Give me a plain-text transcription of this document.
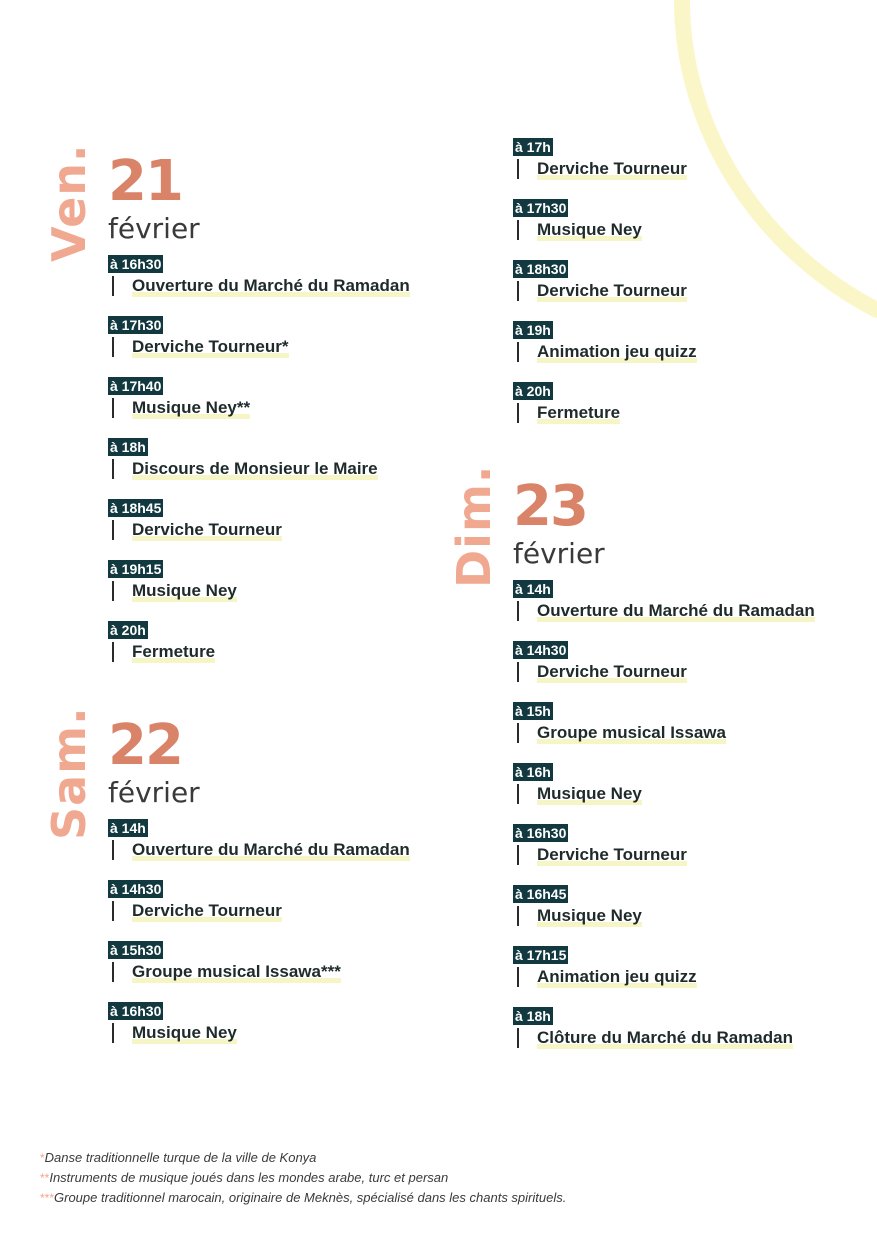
Ven. 21
février
à 16h30
Ouverture du Marché du Ramadan
à 17h30
Derviche Tourneur*
à 17h40
Musique Ney**
à 18h
Discours de Monsieur le Maire
à 18h45
Derviche Tourneur
à 19h15
Musique Ney
à 20h
Fermeture
Sam. 22
février
à 14h
Ouverture du Marché du Ramadan
à 14h30
Derviche Tourneur
à 15h30
Groupe musical Issawa***
à 16h30
Musique Ney
à 17h
Derviche Tourneur
à 17h30
Musique Ney
à 18h30
Derviche Tourneur
à 19h
Animation jeu quizz
à 20h
Fermeture
Dim. 23
février
à 14h
Ouverture du Marché du Ramadan
à 14h30
Derviche Tourneur
à 15h
Groupe musical Issawa
à 16h
Musique Ney
à 16h30
Derviche Tourneur
à 16h45
Musique Ney
à 17h15
Animation jeu quizz
à 18h
Clôture du Marché du Ramadan
*Danse traditionnelle turque de la ville de Konya
**Instruments de musique joués dans les mondes arabe, turc et persan
***Groupe traditionnel marocain, originaire de Meknès, spécialisé dans les chants spirituels.
